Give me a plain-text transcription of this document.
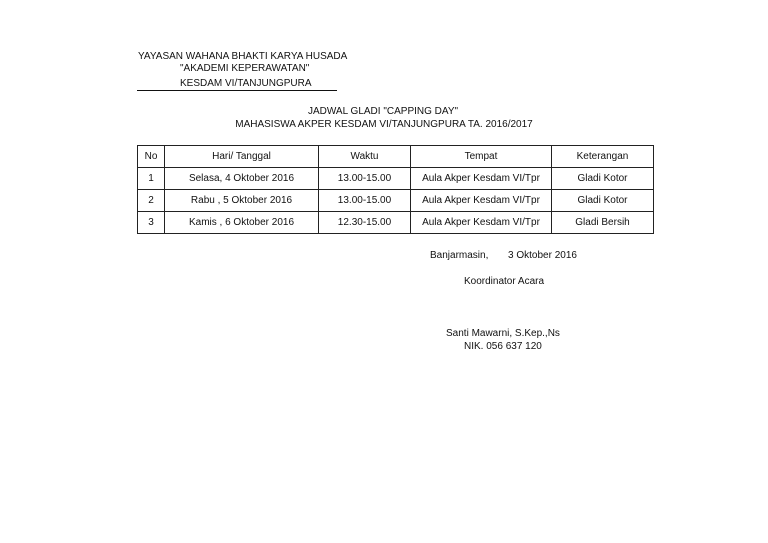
YAYASAN WAHANA BHAKTI KARYA HUSADA
"AKADEMI KEPERAWATAN"
KESDAM VI/TANJUNGPURA
JADWAL GLADI "CAPPING DAY"
MAHASISWA AKPER KESDAM VI/TANJUNGPURA TA. 2016/2017
No	Hari/ Tanggal	Waktu	Tempat	Keterangan
1	Selasa, 4 Oktober 2016	13.00-15.00	Aula Akper Kesdam VI/Tpr	Gladi Kotor
2	Rabu , 5 Oktober 2016	13.00-15.00	Aula Akper Kesdam VI/Tpr	Gladi Kotor
3	Kamis , 6 Oktober 2016	12.30-15.00	Aula Akper Kesdam VI/Tpr	Gladi Bersih
Banjarmasin, 3 Oktober 2016
Koordinator Acara
Santi Mawarni, S.Kep.,Ns
NIK. 056 637 120
